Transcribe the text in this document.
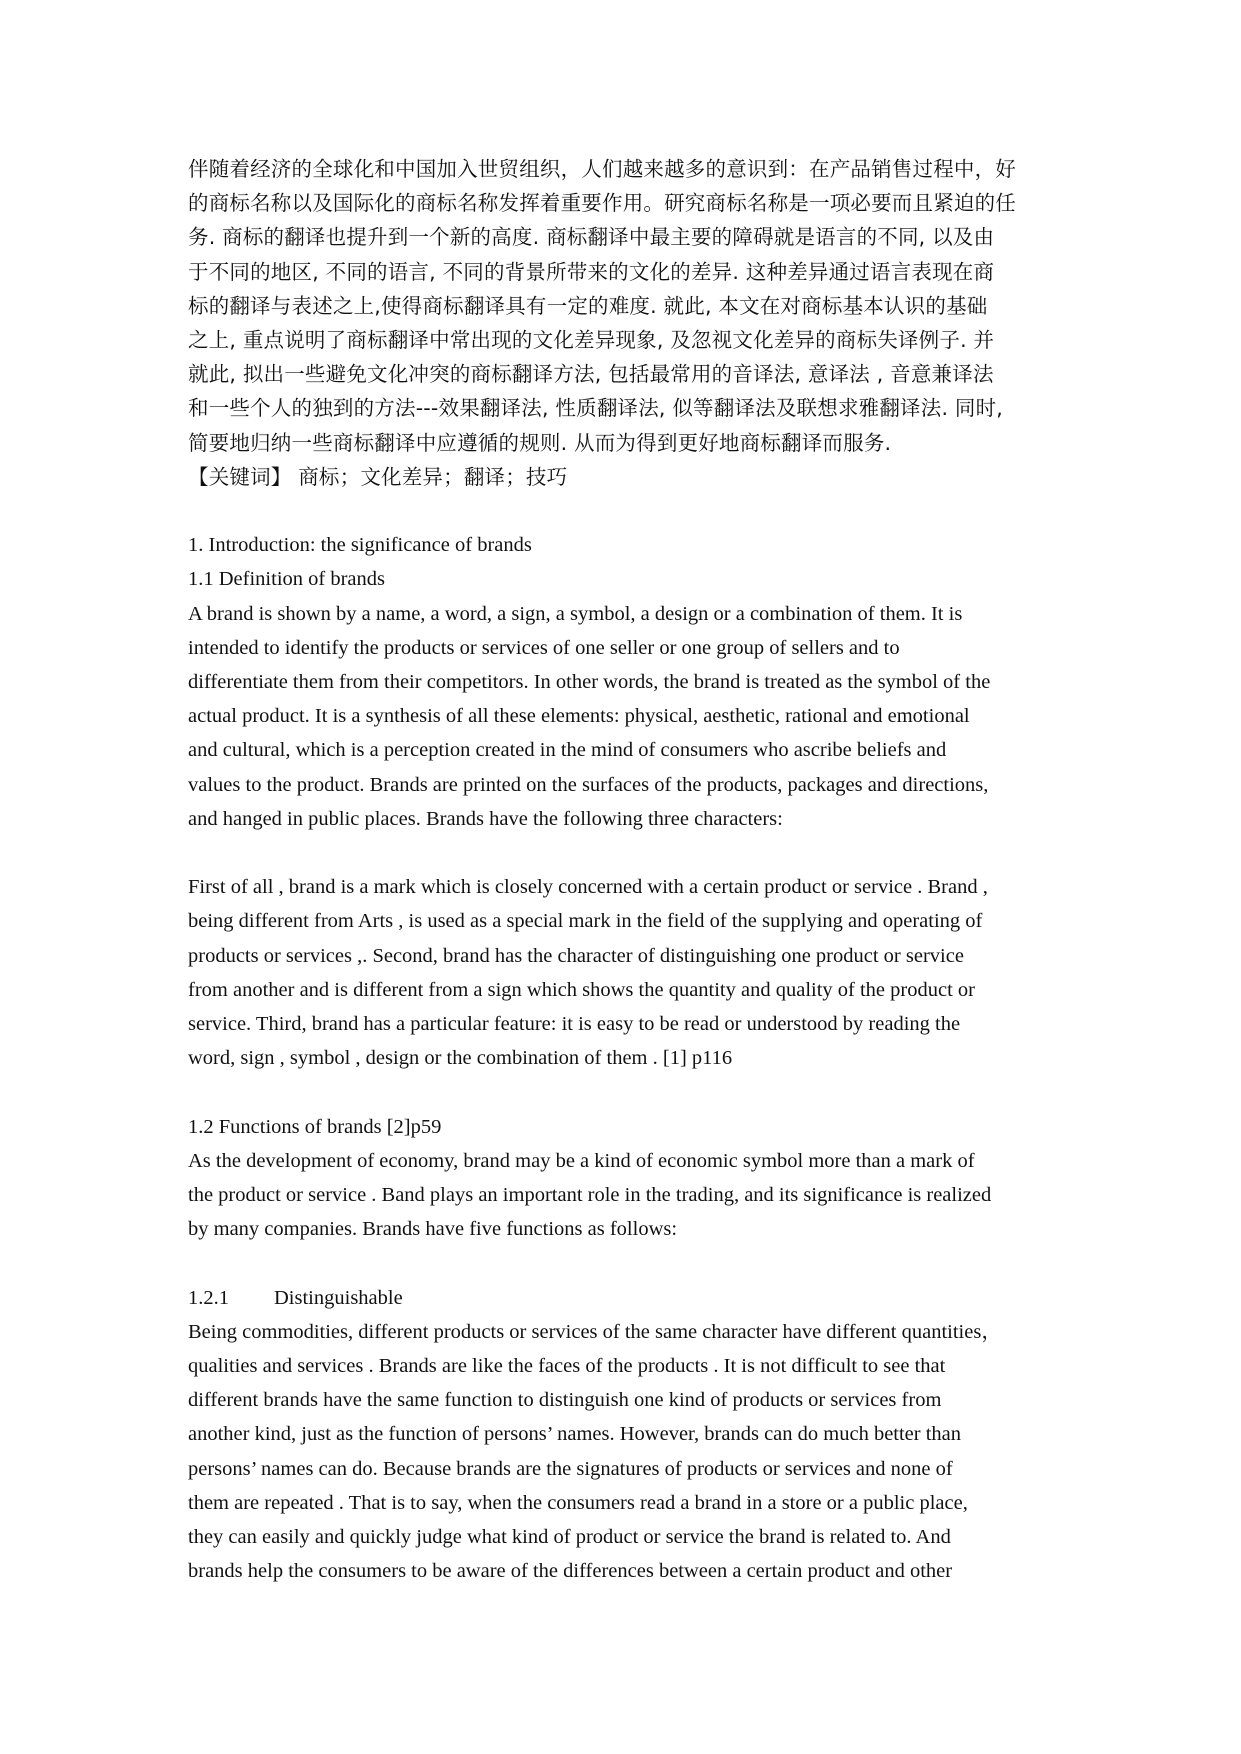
伴随着经济的全球化和中国加入世贸组织，人们越来越多的意识到：在产品销售过程中，好
的商标名称以及国际化的商标名称发挥着重要作用。研究商标名称是一项必要而且紧迫的任
务. 商标的翻译也提升到一个新的高度. 商标翻译中最主要的障碍就是语言的不同, 以及由
于不同的地区, 不同的语言, 不同的背景所带来的文化的差异. 这种差异通过语言表现在商
标的翻译与表述之上,使得商标翻译具有一定的难度. 就此, 本文在对商标基本认识的基础
之上, 重点说明了商标翻译中常出现的文化差异现象, 及忽视文化差异的商标失译例子. 并
就此, 拟出一些避免文化冲突的商标翻译方法, 包括最常用的音译法, 意译法 , 音意兼译法
和一些个人的独到的方法---效果翻译法, 性质翻译法, 似等翻译法及联想求雅翻译法. 同时,
简要地归纳一些商标翻译中应遵循的规则. 从而为得到更好地商标翻译而服务.

【关键词】 商标；文化差异；翻译；技巧

1. Introduction: the significance of brands
1.1 Definition of brands
A brand is shown by a name, a word, a sign, a symbol, a design or a combination of them. It is
intended to identify the products or services of one seller or one group of sellers and to
differentiate them from their competitors. In other words, the brand is treated as the symbol of the
actual product. It is a synthesis of all these elements: physical, aesthetic, rational and emotional
and cultural, which is a perception created in the mind of consumers who ascribe beliefs and
values to the product. Brands are printed on the surfaces of the products, packages and directions,
and hanged in public places. Brands have the following three characters:
First of all , brand is a mark which is closely concerned with a certain product or service . Brand ,
being different from Arts , is used as a special mark in the field of the supplying and operating of
products or services ,. Second, brand has the character of distinguishing one product or service
from another and is different from a sign which shows the quantity and quality of the product or
service. Third, brand has a particular feature: it is easy to be read or understood by reading the
word, sign , symbol , design or the combination of them . [1] p116
1.2 Functions of brands [2]p59
As the development of economy, brand may be a kind of economic symbol more than a mark of
the product or service . Band plays an important role in the trading, and its significance is realized
by many companies. Brands have five functions as follows:
1.2.1 Distinguishable
Being commodities, different products or services of the same character have different quantities，
qualities and services . Brands are like the faces of the products . It is not difficult to see that
different brands have the same function to distinguish one kind of products or services from
another kind, just as the function of persons’ names. However, brands can do much better than
persons’ names can do. Because brands are the signatures of products or services and none of
them are repeated . That is to say, when the consumers read a brand in a store or a public place,
they can easily and quickly judge what kind of product or service the brand is related to. And
brands help the consumers to be aware of the differences between a certain product and other
